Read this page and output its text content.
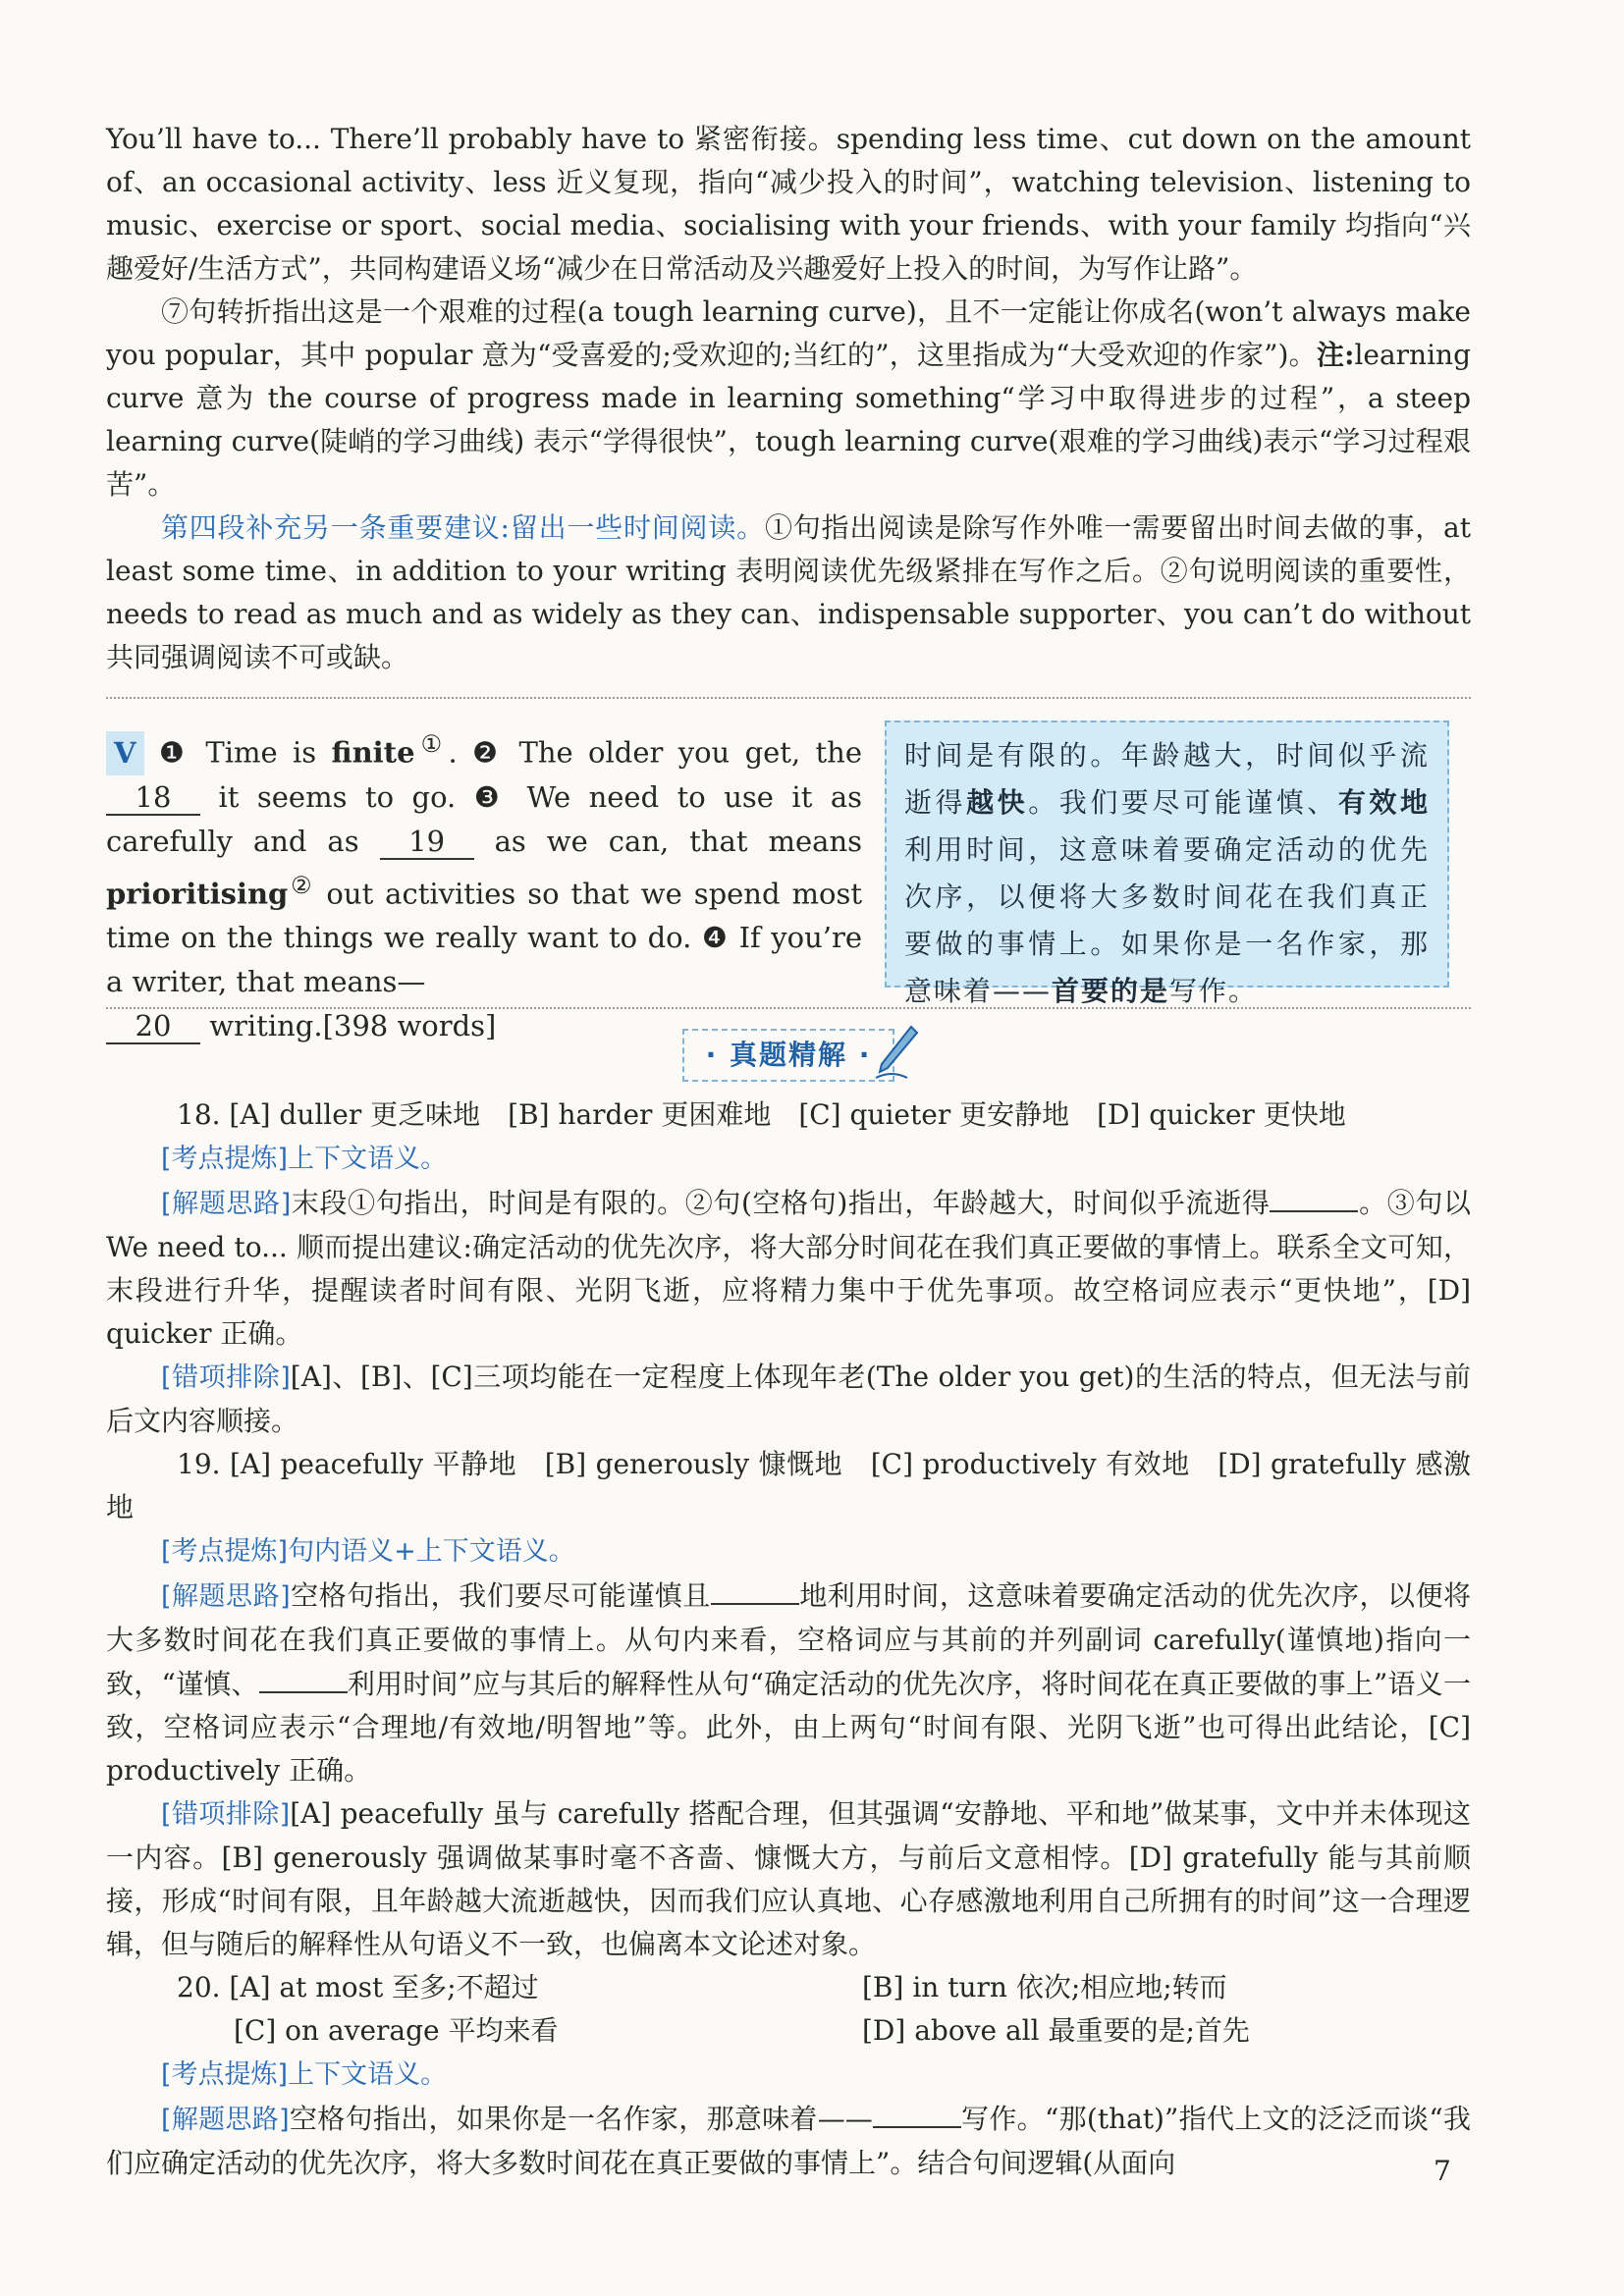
You’ll have to... There’ll probably have to 紧密衔接。spending less time、cut down on the amount of、an occasional activity、less 近义复现，指向“减少投入的时间”，watching television、listening to music、exercise or sport、social media、socialising with your friends、with your family 均指向“兴趣爱好/生活方式”，共同构建语义场“减少在日常活动及兴趣爱好上投入的时间，为写作让路”。

⑦句转折指出这是一个艰难的过程(a tough learning curve)，且不一定能让你成名(won’t always make you popular，其中 popular 意为“受喜爱的;受欢迎的;当红的”，这里指成为“大受欢迎的作家”)。注:learning curve 意为 the course of progress made in learning something“学习中取得进步的过程”，a steep learning curve(陡峭的学习曲线) 表示“学得很快”，tough learning curve(艰难的学习曲线)表示“学习过程艰苦”。

第四段补充另一条重要建议:留出一些时间阅读。①句指出阅读是除写作外唯一需要留出时间去做的事，at least some time、in addition to your writing 表明阅读优先级紧排在写作之后。②句说明阅读的重要性，needs to read as much and as widely as they can、indispensable supporter、you can’t do without 共同强调阅读不可或缺。

V ❶ Time is finite①. ❷ The older you get, the 18 it seems to go. ❸ We need to use it as carefully and as 19 as we can, that means prioritising② out activities so that we spend most time on the things we really want to do. ❹ If you’re a writer, that means—
20 writing.[398 words]
时间是有限的。年龄越大，时间似乎流逝得越快。我们要尽可能谨慎、有效地利用时间，这意味着要确定活动的优先次序，以便将大多数时间花在我们真正要做的事情上。如果你是一名作家，那意味着——首要的是写作。
· 真题精解 ·

18. [A] duller 更乏味地　[B] harder 更困难地　[C] quieter 更安静地　[D] quicker 更快地

[考点提炼]上下文语义。

[解题思路]末段①句指出，时间是有限的。②句(空格句)指出，年龄越大，时间似乎流逝得	。③句以 We need to... 顺而提出建议:确定活动的优先次序，将大部分时间花在我们真正要做的事情上。联系全文可知，末段进行升华，提醒读者时间有限、光阴飞逝，应将精力集中于优先事项。故空格词应表示“更快地”，[D] quicker 正确。

[错项排除][A]、[B]、[C]三项均能在一定程度上体现年老(The older you get)的生活的特点，但无法与前后文内容顺接。

19. [A] peacefully 平静地　[B] generously 慷慨地　[C] productively 有效地　[D] gratefully 感激地

[考点提炼]句内语义+上下文语义。

[解题思路]空格句指出，我们要尽可能谨慎且	地利用时间，这意味着要确定活动的优先次序，以便将大多数时间花在我们真正要做的事情上。从句内来看，空格词应与其前的并列副词 carefully(谨慎地)指向一致，“谨慎、	利用时间”应与其后的解释性从句“确定活动的优先次序，将时间花在真正要做的事上”语义一致，空格词应表示“合理地/有效地/明智地”等。此外，由上两句“时间有限、光阴飞逝”也可得出此结论，[C] productively 正确。

[错项排除][A] peacefully 虽与 carefully 搭配合理，但其强调“安静地、平和地”做某事，文中并未体现这一内容。[B] generously 强调做某事时毫不吝啬、慷慨大方，与前后文意相悖。[D] gratefully 能与其前顺接，形成“时间有限，且年龄越大流逝越快，因而我们应认真地、心存感激地利用自己所拥有的时间”这一合理逻辑，但与随后的解释性从句语义不一致，也偏离本文论述对象。

20. [A] at most 至多;不超过	[B] in turn 依次;相应地;转而
[C] on average 平均来看	[D] above all 最重要的是;首先

[考点提炼]上下文语义。

[解题思路]空格句指出，如果你是一名作家，那意味着——	写作。“那(that)”指代上文的泛泛而谈“我们应确定活动的优先次序，将大多数时间花在真正要做的事情上”。结合句间逻辑(从面向	7
